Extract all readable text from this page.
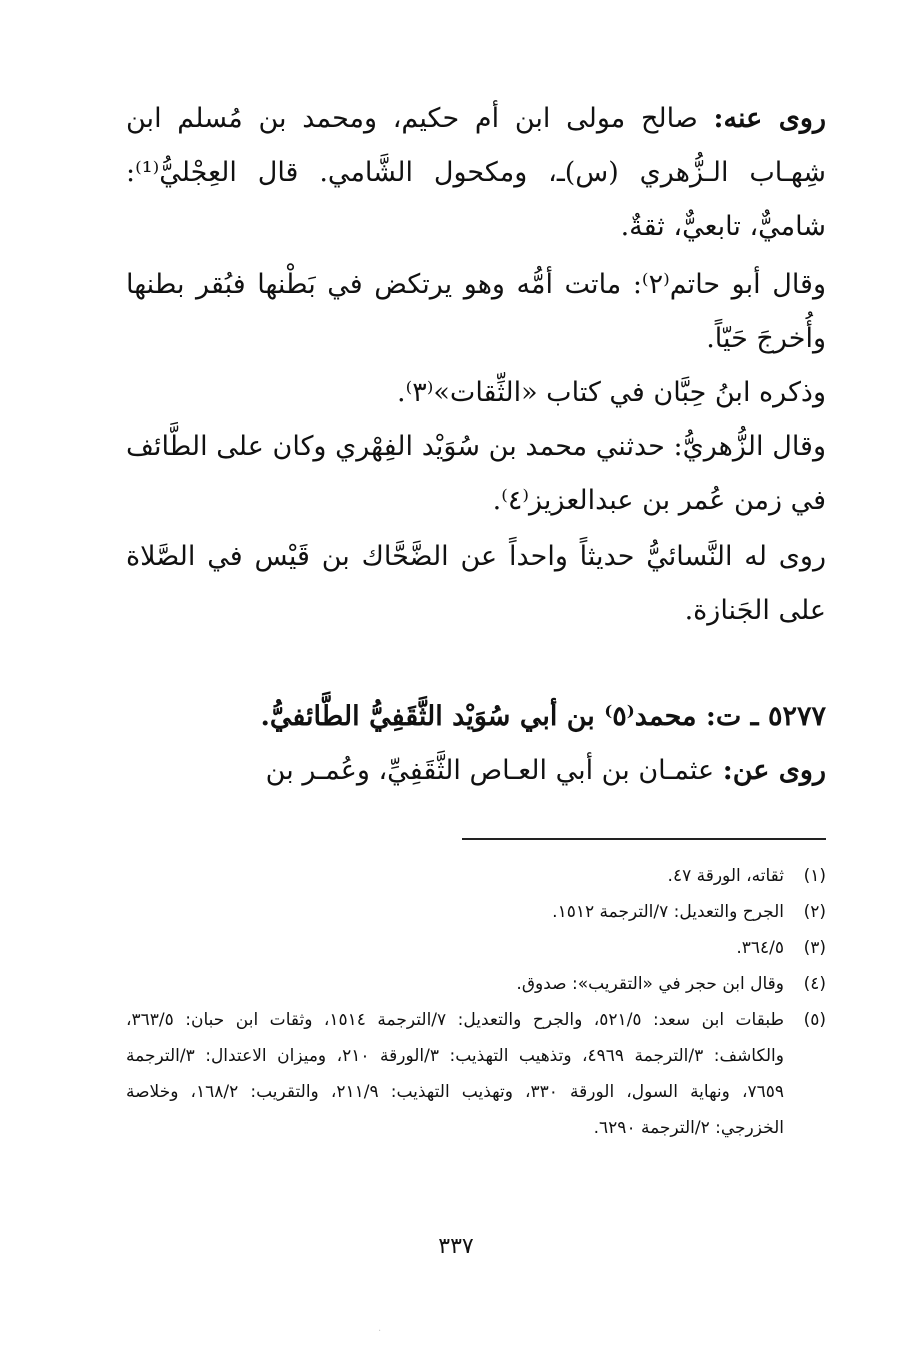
روى عنه: صالح مولى ابن أم حكيم، ومحمد بن مُسلم ابن شِهـاب الـزُّهري (س)ـ، ومكحول الشَّامي. قال العِجْليُّ⁽¹⁾: شاميٌّ، تابعيٌّ، ثقةٌ.
وقال أبو حاتم⁽٢⁾: ماتت أمُّه وهو يرتكض في بَطْنها فبُقر بطنها وأُخرجَ حَيّاً.
وذكره ابنُ حِبَّان في كتاب «الثِّقات»⁽٣⁾.
وقال الزُّهريُّ: حدثني محمد بن سُوَيْد الفِهْري وكان على الطَّائف في زمن عُمر بن عبدالعزيز⁽٤⁾.
روى له النَّسائيُّ حديثاً واحداً عن الضَّحَّاك بن قَيْس في الصَّلاة على الجَنازة.
٥٢٧٧ ـ ت: محمد⁽٥⁾ بن أبي سُوَيْد الثَّقَفِيُّ الطَّائفيُّ.
روى عن: عثمـان بن أبي العـاص الثَّقَفِيِّ، وعُمـر بن
(١)
ثقاته، الورقة ٤٧.
(٢)
الجرح والتعديل: ٧/الترجمة ١٥١٢.
(٣)
٣٦٤/٥.
(٤)
وقال ابن حجر في «التقريب»: صدوق.
(٥)
طبقات ابن سعد: ٥٢١/٥، والجرح والتعديل: ٧/الترجمة ١٥١٤، وثقات ابن حبان: ٣٦٣/٥، والكاشف: ٣/الترجمة ٤٩٦٩، وتذهيب التهذيب: ٣/الورقة ٢١٠، وميزان الاعتدال: ٣/الترجمة ٧٦٥٩، ونهاية السول، الورقة ٣٣٠، وتهذيب التهذيب: ٢١١/٩، والتقريب: ١٦٨/٢، وخلاصة الخزرجي: ٢/الترجمة ٦٢٩٠.
٣٣٧
·
